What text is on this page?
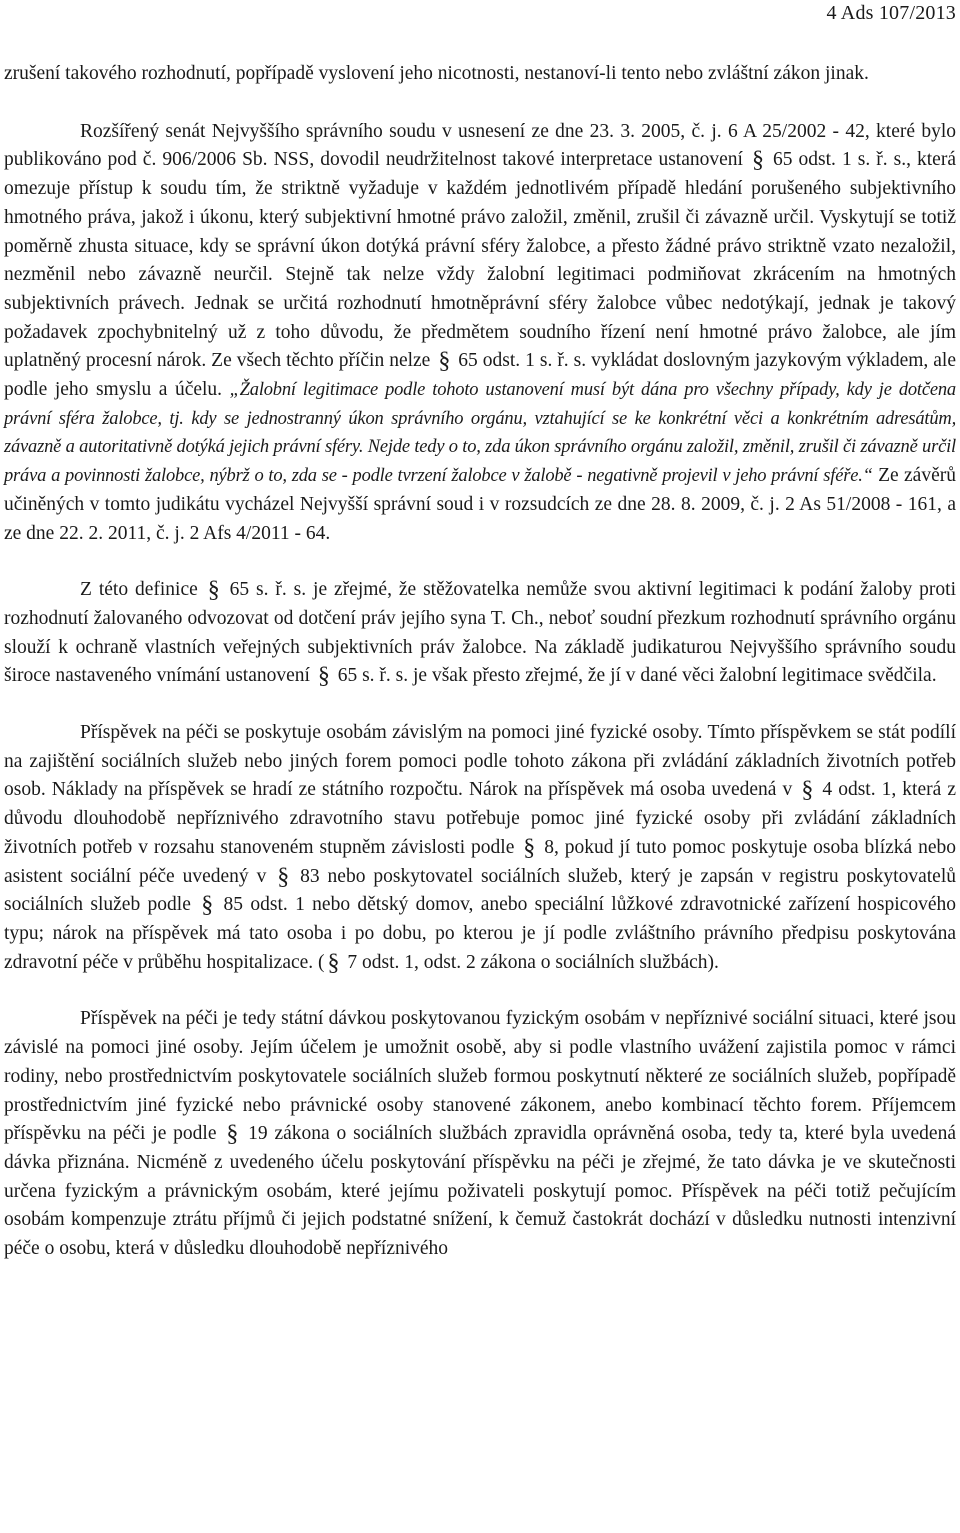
4 Ads 107/2013

zrušení takového rozhodnutí, popřípadě vyslovení jeho nicotnosti, nestanoví-li tento nebo zvláštní zákon jinak.

Rozšířený senát Nejvyššího správního soudu v usnesení ze dne 23. 3. 2005, č. j. 6 A 25/2002 - 42, které bylo publikováno pod č. 906/2006 Sb. NSS, dovodil neudržitelnost takové interpretace ustanovení § 65 odst. 1 s. ř. s., která omezuje přístup k soudu tím, že striktně vyžaduje v každém jednotlivém případě hledání porušeného subjektivního hmotného práva, jakož i úkonu, který subjektivní hmotné právo založil, změnil, zrušil či závazně určil. Vyskytují se totiž poměrně zhusta situace, kdy se správní úkon dotýká právní sféry žalobce, a přesto žádné právo striktně vzato nezaložil, nezměnil nebo závazně neurčil. Stejně tak nelze vždy žalobní legitimaci podmiňovat zkrácením na hmotných subjektivních právech. Jednak se určitá rozhodnutí hmotněprávní sféry žalobce vůbec nedotýkají, jednak je takový požadavek zpochybnitelný už z toho důvodu, že předmětem soudního řízení není hmotné právo žalobce, ale jím uplatněný procesní nárok. Ze všech těchto příčin nelze § 65 odst. 1 s. ř. s. vykládat doslovným jazykovým výkladem, ale podle jeho smyslu a účelu. „Žalobní legitimace podle tohoto ustanovení musí být dána pro všechny případy, kdy je dotčena právní sféra žalobce, tj. kdy se jednostranný úkon správního orgánu, vztahující se ke konkrétní věci a konkrétním adresátům, závazně a autoritativně dotýká jejich právní sféry. Nejde tedy o to, zda úkon správního orgánu založil, změnil, zrušil či závazně určil práva a povinnosti žalobce, nýbrž o to, zda se - podle tvrzení žalobce v žalobě - negativně projevil v jeho právní sféře.“ Ze závěrů učiněných v tomto judikátu vycházel Nejvyšší správní soud i v rozsudcích ze dne 28. 8. 2009, č. j. 2 As 51/2008 - 161, a ze dne 22. 2. 2011, č. j. 2 Afs 4/2011 - 64.

Z této definice § 65 s. ř. s. je zřejmé, že stěžovatelka nemůže svou aktivní legitimaci k podání žaloby proti rozhodnutí žalovaného odvozovat od dotčení práv jejího syna T. Ch., neboť soudní přezkum rozhodnutí správního orgánu slouží k ochraně vlastních veřejných subjektivních práv žalobce. Na základě judikaturou Nejvyššího správního soudu široce nastaveného vnímání ustanovení § 65 s. ř. s. je však přesto zřejmé, že jí v dané věci žalobní legitimace svědčila.

Příspěvek na péči se poskytuje osobám závislým na pomoci jiné fyzické osoby. Tímto příspěvkem se stát podílí na zajištění sociálních služeb nebo jiných forem pomoci podle tohoto zákona při zvládání základních životních potřeb osob. Náklady na příspěvek se hradí ze státního rozpočtu. Nárok na příspěvek má osoba uvedená v § 4 odst. 1, která z důvodu dlouhodobě nepříznivého zdravotního stavu potřebuje pomoc jiné fyzické osoby při zvládání základních životních potřeb v rozsahu stanoveném stupněm závislosti podle § 8, pokud jí tuto pomoc poskytuje osoba blízká nebo asistent sociální péče uvedený v § 83 nebo poskytovatel sociálních služeb, který je zapsán v registru poskytovatelů sociálních služeb podle § 85 odst. 1 nebo dětský domov, anebo speciální lůžkové zdravotnické zařízení hospicového typu; nárok na příspěvek má tato osoba i po dobu, po kterou je jí podle zvláštního právního předpisu poskytována zdravotní péče v průběhu hospitalizace. ( § 7 odst. 1, odst. 2 zákona o sociálních službách).

Příspěvek na péči je tedy státní dávkou poskytovanou fyzickým osobám v nepříznivé sociální situaci, které jsou závislé na pomoci jiné osoby. Jejím účelem je umožnit osobě, aby si podle vlastního uvážení zajistila pomoc v rámci rodiny, nebo prostřednictvím poskytovatele sociálních služeb formou poskytnutí některé ze sociálních služeb, popřípadě prostřednictvím jiné fyzické nebo právnické osoby stanovené zákonem, anebo kombinací těchto forem. Příjemcem příspěvku na péči je podle § 19 zákona o sociálních službách zpravidla oprávněná osoba, tedy ta, které byla uvedená dávka přiznána. Nicméně z uvedeného účelu poskytování příspěvku na péči je zřejmé, že tato dávka je ve skutečnosti určena fyzickým a právnickým osobám, které jejímu poživateli poskytují pomoc. Příspěvek na péči totiž pečujícím osobám kompenzuje ztrátu příjmů či jejich podstatné snížení, k čemuž častokrát dochází v důsledku nutnosti intenzivní péče o osobu, která v důsledku dlouhodobě nepříznivého
